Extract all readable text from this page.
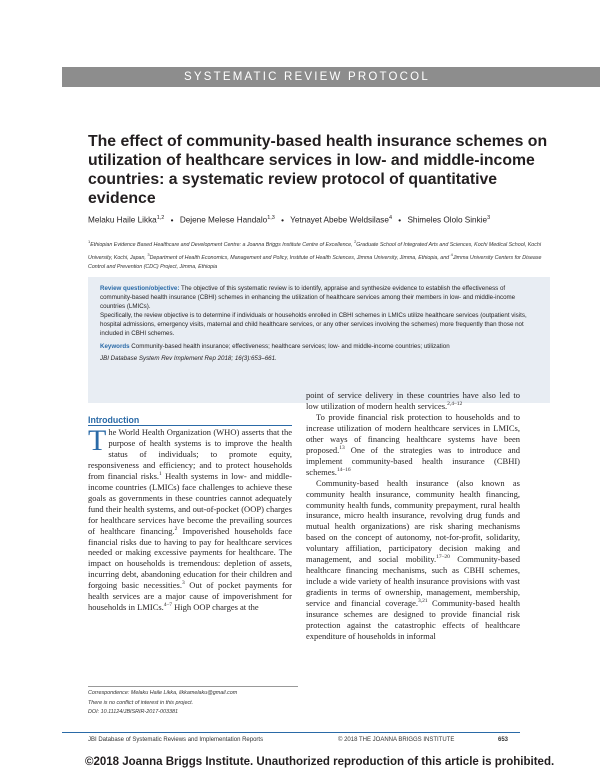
SYSTEMATIC REVIEW PROTOCOL
The effect of community-based health insurance schemes on utilization of healthcare services in low- and middle-income countries: a systematic review protocol of quantitative evidence
Melaku Haile Likka$^{1,2}$ • Dejene Melese Handalo$^{1,3}$ • Yetnayet Abebe Weldsilase$^4$ • Shimeles Ololo Sinkie$^3$
$^1$Ethiopian Evidence Based Healthcare and Development Centre: a Joanna Briggs Institute Centre of Excellence, $^2$Graduate School of Integrated Arts and Sciences, Kochi Medical School, Kochi University, Kochi, Japan, $^3$Department of Health Economics, Management and Policy, Institute of Health Sciences, Jimma University, Jimma, Ethiopia, and $^4$Jimma University Centers for Disease Control and Prevention (CDC) Project, Jimma, Ethiopia

Review question/objective: The objective of this systematic review is to identify, appraise and synthesize evidence to establish the effectiveness of community-based health insurance (CBHI) schemes in enhancing the utilization of healthcare services among their members in low- and middle-income countries (LMICs).

Specifically, the review objective is to determine if individuals or households enrolled in CBHI schemes in LMICs utilize healthcare services (outpatient visits, hospital admissions, emergency visits, maternal and child healthcare services, or any other services involving the schemes) more frequently than those not included in CBHI schemes.

Keywords Community-based health insurance; effectiveness; healthcare services; low- and middle-income countries; utilization

JBI Database System Rev Implement Rep 2018; 16(3):653–661.

Introduction

The World Health Organization (WHO) asserts that the purpose of health systems is to improve the health status of individuals; to promote equity, responsiveness and efficiency; and to protect households from financial risks.$^1$ Health systems in low- and middle-income countries (LMICs) face challenges to achieve these goals as governments in these countries cannot adequately fund their health systems, and out-of-pocket (OOP) charges for healthcare services have become the prevailing sources of healthcare financing.$^2$ Impoverished households face financial risks due to having to pay for healthcare services needed or making excessive payments for healthcare. The impact on households is tremendous: depletion of assets, incurring debt, abandoning education for their children and forgoing basic necessities.$^3$ Out of pocket payments for health services are a major cause of impoverishment for households in LMICs.$^{4-7}$ High OOP charges at the

point of service delivery in these countries have also led to low utilization of modern health services.$^{2,4-12}$

To provide financial risk protection to households and to increase utilization of modern healthcare services in LMICs, other ways of financing healthcare systems have been proposed.$^{13}$ One of the strategies was to introduce and implement community-based health insurance (CBHI) schemes.$^{14-16}$

Community-based health insurance (also known as community health insurance, community health financing, community health funds, community prepayment, rural health insurance, micro health insurance, revolving drug funds and mutual health organizations) are risk sharing mechanisms based on the concept of autonomy, not-for-profit, solidarity, voluntary affiliation, participatory decision making and management, and social mobility.$^{17-20}$ Community-based healthcare financing mechanisms, such as CBHI schemes, include a wide variety of health insurance provisions with vast gradients in terms of ownership, management, membership, service and financial coverage.$^{3,21}$ Community-based health insurance schemes are designed to provide financial risk protection against the catastrophic effects of healthcare expenditure of households in informal

Correspondence: Melaku Haile Likka, likkamelaku@gmail.com

There is no conflict of interest in this project.

DOI: 10.11124/JBISRIR-2017-003381

JBI Database of Systematic Reviews and Implementation Reports	© 2018 THE JOANNA BRIGGS INSTITUTE	653
©2018 Joanna Briggs Institute. Unauthorized reproduction of this article is prohibited.
